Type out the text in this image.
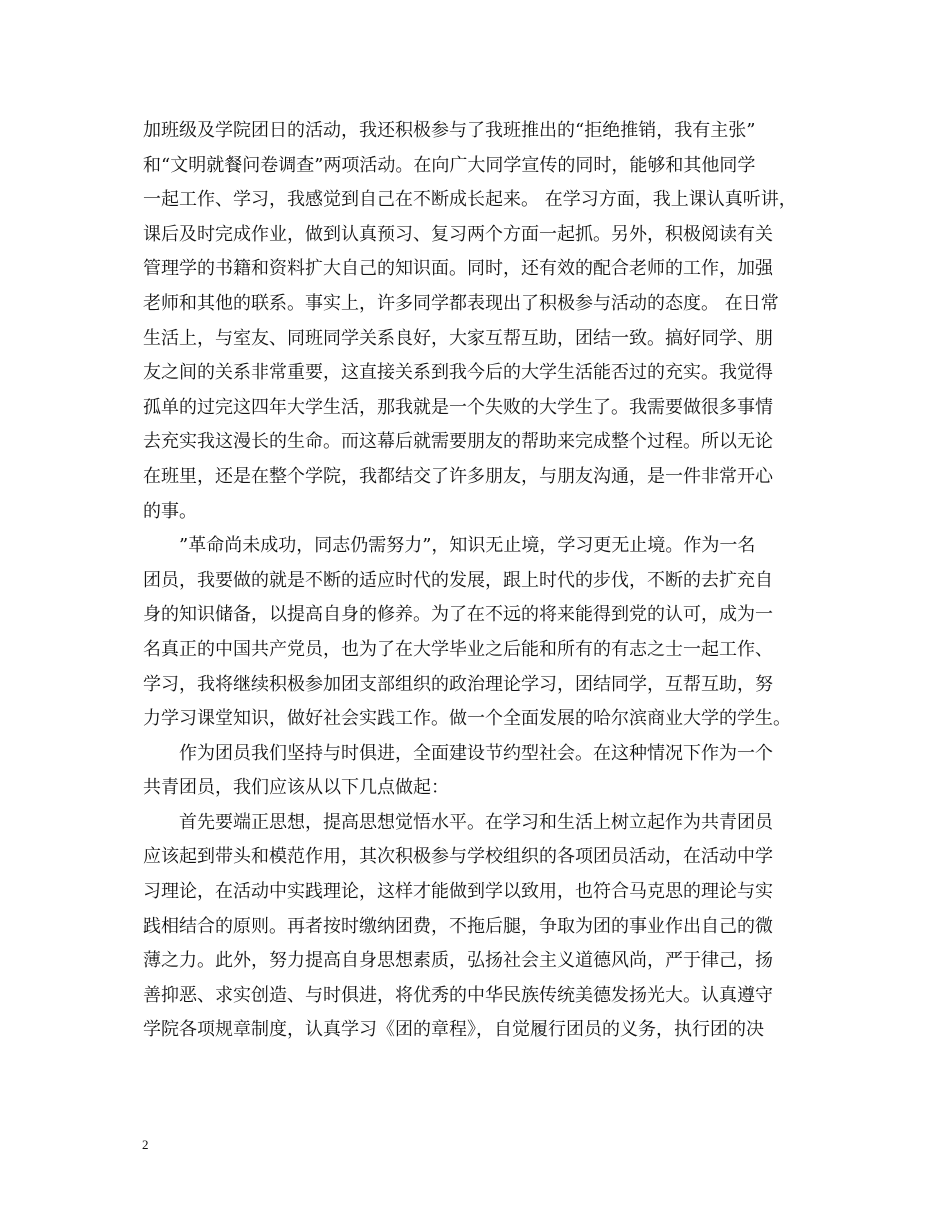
加班级及学院团日的活动，我还积极参与了我班推出的“拒绝推销，我有主张”
和“文明就餐问卷调查”两项活动。在向广大同学宣传的同时，能够和其他同学
一起工作、学习，我感觉到自己在不断成长起来。 在学习方面，我上课认真听讲，
课后及时完成作业，做到认真预习、复习两个方面一起抓。另外，积极阅读有关
管理学的书籍和资料扩大自己的知识面。同时，还有效的配合老师的工作，加强
老师和其他的联系。事实上，许多同学都表现出了积极参与活动的态度。 在日常
生活上，与室友、同班同学关系良好，大家互帮互助，团结一致。搞好同学、朋
友之间的关系非常重要，这直接关系到我今后的大学生活能否过的充实。我觉得
孤单的过完这四年大学生活，那我就是一个失败的大学生了。我需要做很多事情
去充实我这漫长的生命。而这幕后就需要朋友的帮助来完成整个过程。所以无论
在班里，还是在整个学院，我都结交了许多朋友，与朋友沟通，是一件非常开心
的事。
　　”革命尚未成功，同志仍需努力”，知识无止境，学习更无止境。作为一名
团员，我要做的就是不断的适应时代的发展，跟上时代的步伐，不断的去扩充自
身的知识储备，以提高自身的修养。为了在不远的将来能得到党的认可，成为一
名真正的中国共产党员，也为了在大学毕业之后能和所有的有志之士一起工作、
学习，我将继续积极参加团支部组织的政治理论学习，团结同学，互帮互助，努
力学习课堂知识，做好社会实践工作。做一个全面发展的哈尔滨商业大学的学生。
　　作为团员我们坚持与时俱进，全面建设节约型社会。在这种情况下作为一个
共青团员，我们应该从以下几点做起：
　　首先要端正思想，提高思想觉悟水平。在学习和生活上树立起作为共青团员
应该起到带头和模范作用，其次积极参与学校组织的各项团员活动，在活动中学
习理论，在活动中实践理论，这样才能做到学以致用，也符合马克思的理论与实
践相结合的原则。再者按时缴纳团费，不拖后腿，争取为团的事业作出自己的微
薄之力。此外，努力提高自身思想素质，弘扬社会主义道德风尚，严于律己，扬
善抑恶、求实创造、与时俱进，将优秀的中华民族传统美德发扬光大。认真遵守
学院各项规章制度，认真学习《团的章程》，自觉履行团员的义务，执行团的决
2
